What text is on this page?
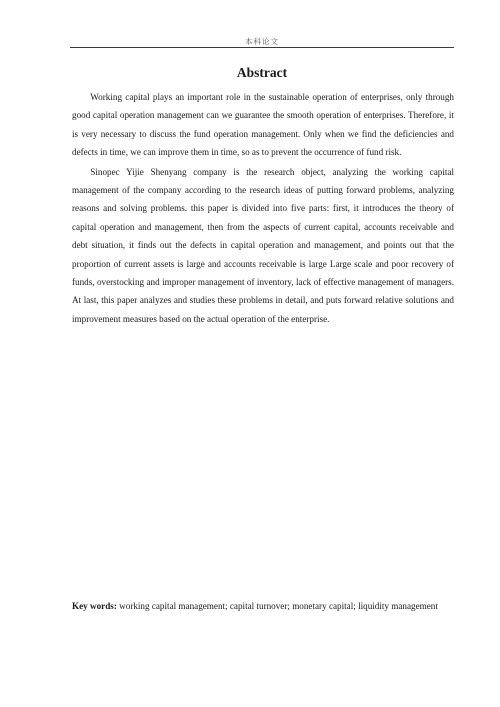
本科论文
Abstract

Working capital plays an important role in the sustainable operation of enterprises, only through good capital operation management can we guarantee the smooth operation of enterprises. Therefore, it is very necessary to discuss the fund operation management. Only when we find the deficiencies and defects in time, we can improve them in time, so as to prevent the occurrence of fund risk.

Sinopec Yijie Shenyang company is the research object, analyzing the working capital management of the company according to the research ideas of putting forward problems, analyzing reasons and solving problems. this paper is divided into five parts: first, it introduces the theory of capital operation and management, then from the aspects of current capital, accounts receivable and debt situation, it finds out the defects in capital operation and management, and points out that the proportion of current assets is large and accounts receivable is large Large scale and poor recovery of funds, overstocking and improper management of inventory, lack of effective management of managers. At last, this paper analyzes and studies these problems in detail, and puts forward relative solutions and improvement measures based on the actual operation of the enterprise.

Key words: working capital management; capital turnover; monetary capital; liquidity management
